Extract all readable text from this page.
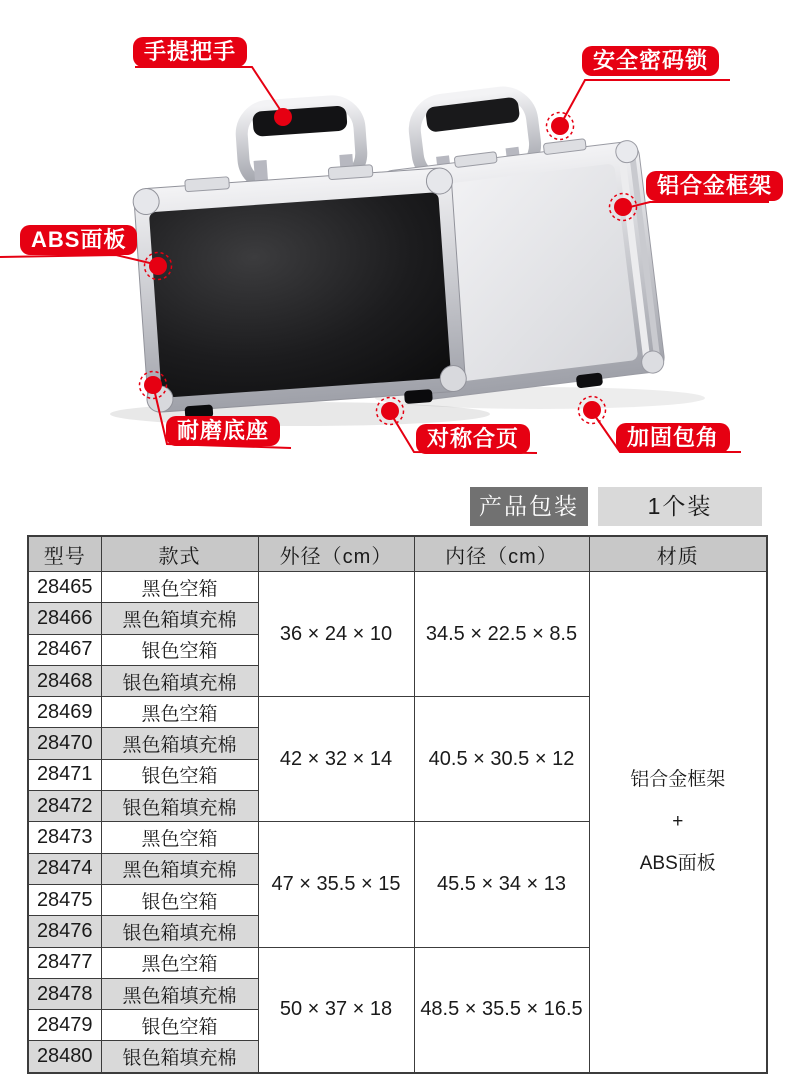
手提把手	安全密码锁
铝合金框架
ABS面板
耐磨底座	对称合页	加固包角
产品包装	1个装
型号	款式	外径（cm）	内径（cm）	材质
28465	黑色空箱	36 × 24 × 10	34.5 × 22.5 × 8.5	铝合金框架
+
ABS面板

28466	黑色箱填充棉			
28467	银色空箱			
28468	银色箱填充棉			
28469	黑色空箱	42 × 32 × 14	40.5 × 30.5 × 12	
28470	黑色箱填充棉			
28471	银色空箱			
28472	银色箱填充棉			
28473	黑色空箱	47 × 35.5 × 15	45.5 × 34 × 13	
28474	黑色箱填充棉			
28475	银色空箱			
28476	银色箱填充棉			
28477	黑色空箱	50 × 37 × 18	48.5 × 35.5 × 16.5	
28478	黑色箱填充棉			
28479	银色空箱			
28480	银色箱填充棉			
